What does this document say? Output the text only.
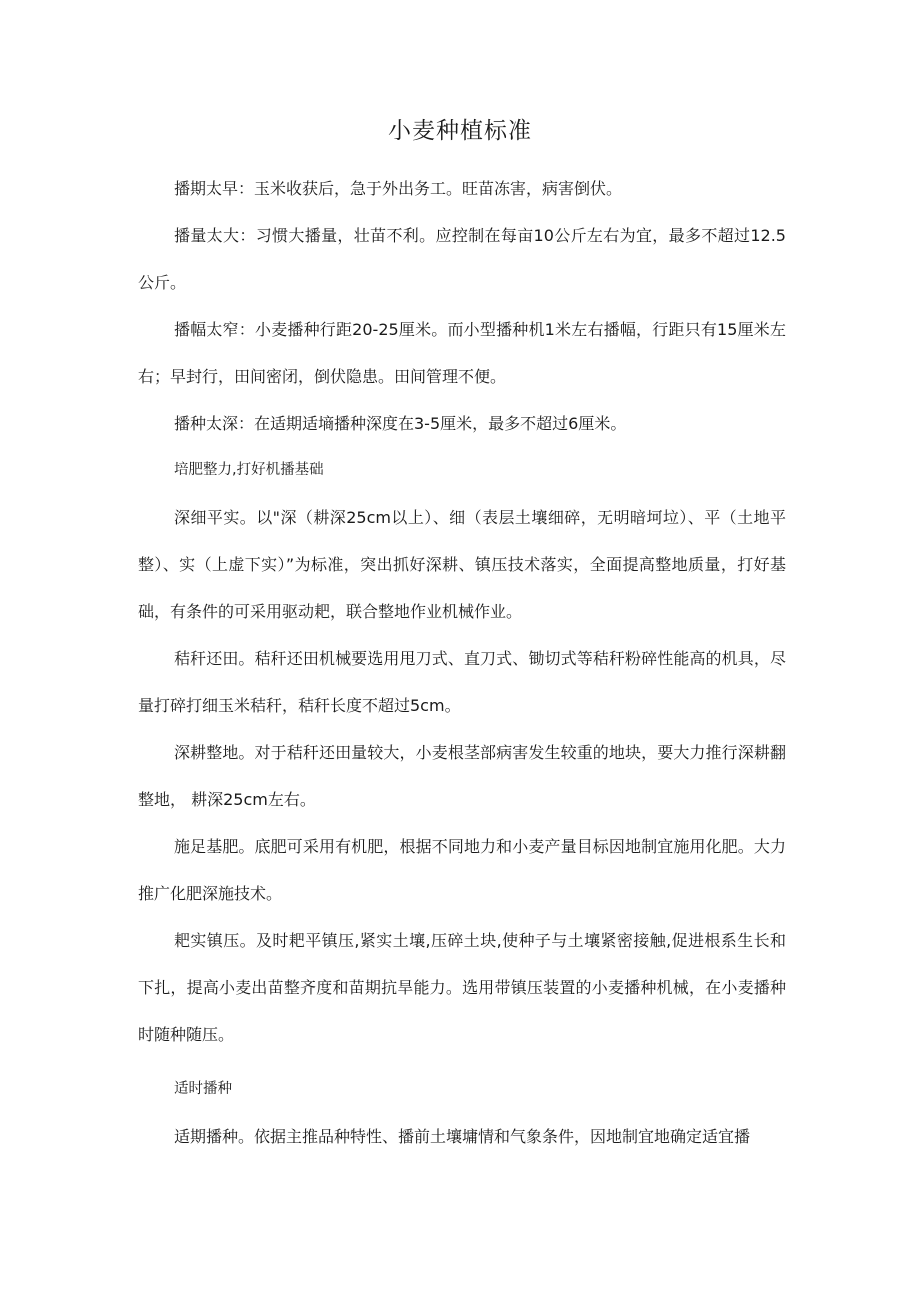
小麦种植标准

播期太早：玉米收获后，急于外出务工。旺苗冻害，病害倒伏。

播量太大：习惯大播量，壮苗不利。应控制在每亩10公斤左右为宜，最多不超过12.5公斤。

播幅太窄：小麦播种行距20-25厘米。而小型播种机1米左右播幅，行距只有15厘米左右；早封行，田间密闭，倒伏隐患。田间管理不便。

播种太深：在适期适墒播种深度在3-5厘米，最多不超过6厘米。

培肥整力,打好机播基础

深细平实。以"深（耕深25cm以上）、细（表层土壤细碎，无明暗坷垃）、平（土地平整）、实（上虚下实）”为标准，突出抓好深耕、镇压技术落实，全面提高整地质量，打好基础，有条件的可采用驱动耙，联合整地作业机械作业。

秸秆还田。秸秆还田机械要选用甩刀式、直刀式、锄切式等秸秆粉碎性能高的机具，尽量打碎打细玉米秸秆，秸秆长度不超过5cm。

深耕整地。对于秸秆还田量较大，小麦根茎部病害发生较重的地块，要大力推行深耕翻整地， 耕深25cm左右。

施足基肥。底肥可采用有机肥，根据不同地力和小麦产量目标因地制宜施用化肥。大力推广化肥深施技术。

耙实镇压。及时耙平镇压,紧实土壤,压碎土块,使种子与土壤紧密接触,促进根系生长和下扎，提高小麦出苗整齐度和苗期抗旱能力。选用带镇压装置的小麦播种机械，在小麦播种时随种随压。

适时播种

适期播种。依据主推品种特性、播前土壤墉情和气象条件，因地制宜地确定适宜播
